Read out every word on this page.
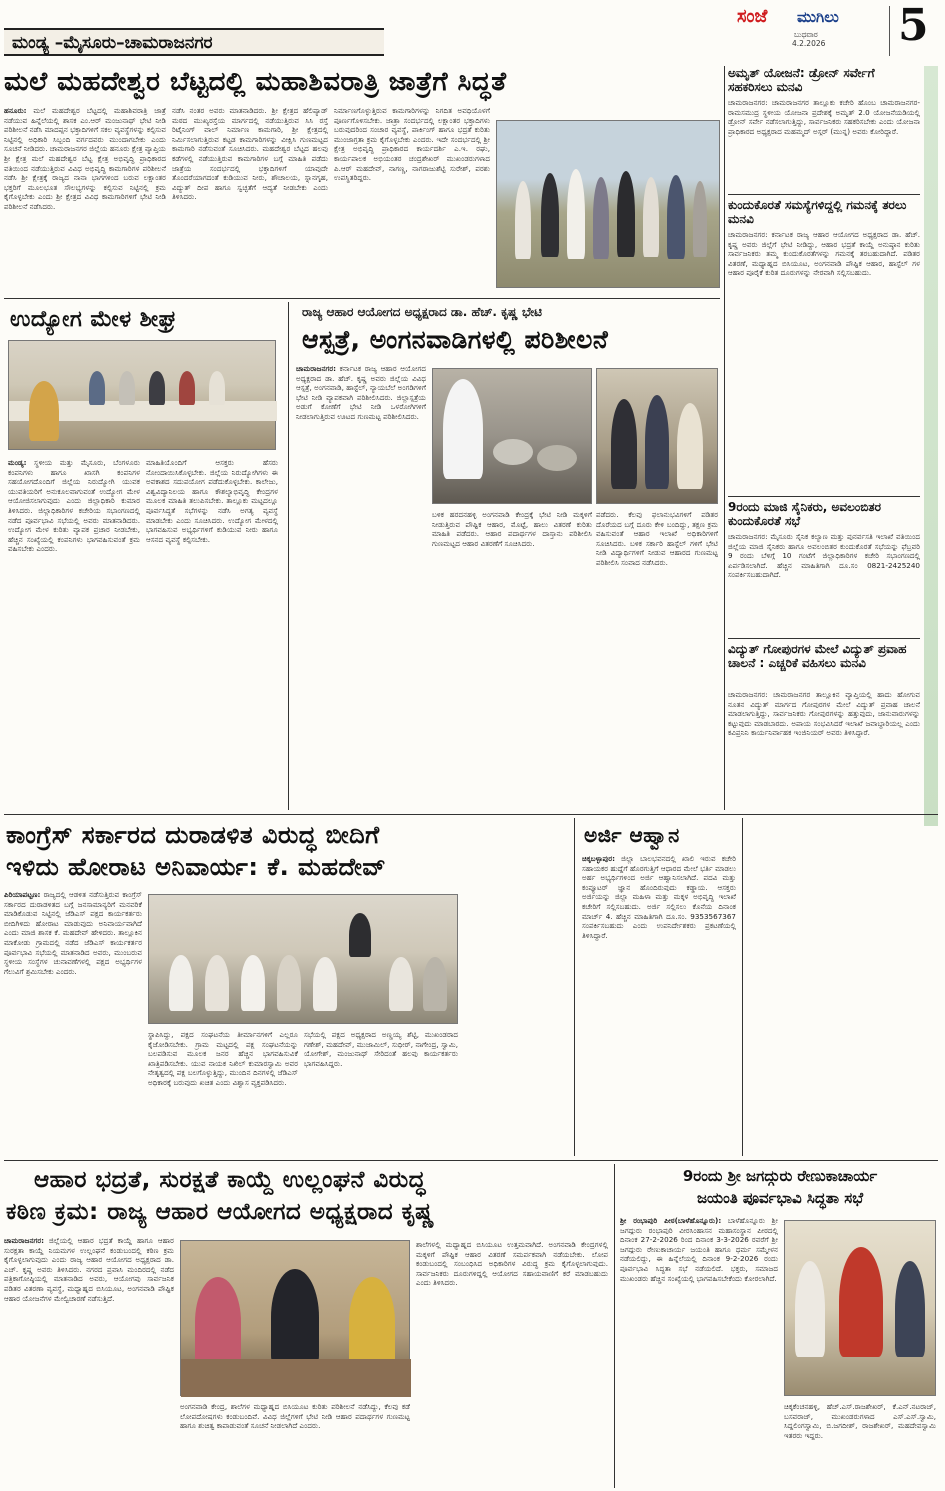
ಮಂಡ್ಯ –ಮೈಸೂರು–ಚಾಮರಾಜನಗರ
ಸಂಜೆ ಮುಗಿಲು
ಬುಧವಾರ
4.2.2026 5
ಮಲೆ ಮಹದೇಶ್ವರ ಬೆಟ್ಟದಲ್ಲಿ ಮಹಾಶಿವರಾತ್ರಿ ಜಾತ್ರೆಗೆ ಸಿದ್ಧತೆ
ಹನೂರು: ಮಲೆ ಮಹದೇಶ್ವರ ಬೆಟ್ಟದಲ್ಲಿ ಮಹಾಶಿವರಾತ್ರಿ ಜಾತ್ರೆ ನಡೆಯುವ ಹಿನ್ನೆಲೆಯಲ್ಲಿ ಶಾಸಕ ಎಂ.ಆರ್ ಮಂಜುನಾಥ್ ಭೇಟಿ ನೀಡಿ ಪರಿಶೀಲನೆ ನಡೆಸಿ ಮಾದಪ್ಪನ ಭಕ್ತಾದಿಗಳಿಗೆ ಸಕಲ ವ್ಯವಸ್ಥೆಗಳನ್ನು ಕಲ್ಪಿಸುವ ನಿಟ್ಟಿನಲ್ಲಿ ಅಧಿಕಾರಿ ಸಿಬ್ಬಂದಿ ವರ್ಗದವರು ಮುಂದಾಗಬೇಕು ಎಂದು ಸೂಚನೆ ನೀಡಿದರು. ಚಾಮರಾಜನಗರ ಜಿಲ್ಲೆಯ ಹನೂರು ಕ್ಷೇತ್ರ ವ್ಯಾಪ್ತಿಯ ಶ್ರೀ ಕ್ಷೇತ್ರ ಮಲೆ ಮಹದೇಶ್ವರ ಬೆಟ್ಟ ಕ್ಷೇತ್ರ ಅಭಿವೃದ್ಧಿ ಪ್ರಾಧಿಕಾರದ ವತಿಯಿಂದ ನಡೆಯುತ್ತಿರುವ ವಿವಿಧ ಅಭಿವೃದ್ಧಿ ಕಾಮಗಾರಿಗಳ ಪರಿಶೀಲನೆ ನಡೆಸಿ ಶ್ರೀ ಕ್ಷೇತ್ರಕ್ಕೆ ರಾಜ್ಯದ ನಾನಾ ಭಾಗಗಳಿಂದ ಬರುವ ಲಕ್ಷಾಂತರ ಭಕ್ತರಿಗೆ ಮೂಲಭೂತ ಸೌಲಭ್ಯಗಳನ್ನು ಕಲ್ಪಿಸುವ ನಿಟ್ಟಿನಲ್ಲಿ ಕ್ರಮ ಕೈಗೊಳ್ಳಬೇಕು ಎಂದು ಶ್ರೀ ಕ್ಷೇತ್ರದ ವಿವಿಧ ಕಾಮಗಾರಿಗಳಿಗೆ ಭೇಟಿ ನೀಡಿ ಪರಿಶೀಲನೆ ನಡೆಸಿದರು.
ನಡೆಸಿ ನಂತರ ಅವರು ಮಾತನಾಡಿದರು. ಶ್ರೀ ಕ್ಷೇತ್ರದ ಹೆಲಿಪ್ಯಾಡ್ ಮಠದ ಮುಖ್ಯರಸ್ತೆಯ ಮಾರ್ಗದಲ್ಲಿ ನಡೆಯುತ್ತಿರುವ ಸಿಸಿ ರಸ್ತೆ ರಿಟೈನಿಂಗ್ ವಾಲ್ ನಿರ್ಮಾಣ ಕಾಮಗಾರಿ, ಶ್ರೀ ಕ್ಷೇತ್ರದಲ್ಲಿ ನಿರ್ಮಿಸಲಾಗುತ್ತಿರುವ ಕಟ್ಟಡ ಕಾಮಗಾರಿಗಳನ್ನು ವೀಕ್ಷಿಸಿ ಗುಣಮಟ್ಟದ ಕಾಮಗಾರಿ ನಡೆಸುವಂತೆ ಸೂಚಿಸಿದರು. ಮಹದೇಶ್ವರ ಬೆಟ್ಟದ ಹಲವು ಕಡೆಗಳಲ್ಲಿ ನಡೆಯುತ್ತಿರುವ ಕಾಮಗಾರಿಗಳ ಬಗ್ಗೆ ಮಾಹಿತಿ ಪಡೆದು ಜಾತ್ರೆಯ ಸಂದರ್ಭದಲ್ಲಿ ಭಕ್ತಾದಿಗಳಿಗೆ ಯಾವುದೇ ತೊಂದರೆಯಾಗದಂತೆ ಕುಡಿಯುವ ನೀರು, ಶೌಚಾಲಯ, ಸ್ನಾನಗೃಹ, ವಿದ್ಯುತ್ ದೀಪ ಹಾಗೂ ಸ್ವಚ್ಛತೆಗೆ ಆದ್ಯತೆ ನೀಡಬೇಕು ಎಂದು ತಿಳಿಸಿದರು.
ನಿರ್ಮಾಣಗೊಳ್ಳುತ್ತಿರುವ ಕಾಮಗಾರಿಗಳನ್ನು ನಿಗದಿತ ಅವಧಿಯೊಳಗೆ ಪೂರ್ಣಗೊಳಿಸಬೇಕು. ಜಾತ್ರಾ ಸಂದರ್ಭದಲ್ಲಿ ಲಕ್ಷಾಂತರ ಭಕ್ತಾದಿಗಳು ಬರುವುದರಿಂದ ಸಂಚಾರ ವ್ಯವಸ್ಥೆ, ಪಾರ್ಕಿಂಗ್ ಹಾಗೂ ಭದ್ರತೆ ಕುರಿತು ಮುಂಜಾಗ್ರತಾ ಕ್ರಮ ಕೈಗೊಳ್ಳಬೇಕು ಎಂದರು. ಇದೇ ಸಂದರ್ಭದಲ್ಲಿ ಶ್ರೀ ಕ್ಷೇತ್ರ ಅಭಿವೃದ್ಧಿ ಪ್ರಾಧಿಕಾರದ ಕಾರ್ಯದರ್ಶಿ ಎ.ಇ. ರಘು, ಕಾರ್ಯಪಾಲಕ ಅಭಿಯಂತರ ಚಂದ್ರಶೇಖರ್ ಮುಖಂಡರುಗಳಾದ ಪಿ.ಆರ್ ಮಹದೇವ್, ನಾಗಣ್ಣ, ನಾಗರಾಜುಶೆಟ್ಟಿ ಸುರೇಶ್, ಪರಶು ಉಪಸ್ಥಿತರಿದ್ದರು.
ಉದ್ಯೋಗ ಮೇಳ ಶೀಘ್ರ
ಮಂಡ್ಯ: ಸ್ಥಳೀಯ ಮತ್ತು ಮೈಸೂರು, ಬೆಂಗಳೂರು ಕಂಪನಿಗಳು ಹಾಗೂ ಖಾಸಗಿ ಕಂಪನಿಗಳ ಸಹಯೋಗದೊಂದಿಗೆ ಜಿಲ್ಲೆಯ ನಿರುದ್ಯೋಗಿ ಯುವಕ ಯುವತಿಯರಿಗೆ ಅನುಕೂಲವಾಗುವಂತೆ ಉದ್ಯೋಗ ಮೇಳ ಆಯೋಜಿಸಲಾಗುವುದು ಎಂದು ಜಿಲ್ಲಾಧಿಕಾರಿ ಕುಮಾರ ತಿಳಿಸಿದರು. ಜಿಲ್ಲಾಧಿಕಾರಿಗಳ ಕಚೇರಿಯ ಸಭಾಂಗಣದಲ್ಲಿ ನಡೆದ ಪೂರ್ವಭಾವಿ ಸಭೆಯಲ್ಲಿ ಅವರು ಮಾತನಾಡಿದರು. ಉದ್ಯೋಗ ಮೇಳ ಕುರಿತು ವ್ಯಾಪಕ ಪ್ರಚಾರ ನೀಡಬೇಕು, ಹೆಚ್ಚಿನ ಸಂಖ್ಯೆಯಲ್ಲಿ ಕಂಪನಿಗಳು ಭಾಗವಹಿಸುವಂತೆ ಕ್ರಮ ವಹಿಸಬೇಕು ಎಂದರು.
ಮಾಹಿತಿಯೊಂದಿಗೆ ಆಸಕ್ತರು ಹೆಸರು ನೋಂದಾಯಿಸಿಕೊಳ್ಳಬೇಕು. ಜಿಲ್ಲೆಯ ನಿರುದ್ಯೋಗಿಗಳು ಈ ಅವಕಾಶದ ಸದುಪಯೋಗ ಪಡೆದುಕೊಳ್ಳಬೇಕು. ಕಾಲೇಜು, ವಿಶ್ವವಿದ್ಯಾನಿಲಯ ಹಾಗೂ ಕೌಶಲ್ಯಾಭಿವೃದ್ಧಿ ಕೇಂದ್ರಗಳ ಮೂಲಕ ಮಾಹಿತಿ ತಲುಪಿಸಬೇಕು. ತಾಲ್ಲೂಕು ಮಟ್ಟದಲ್ಲೂ ಪೂರ್ವಸಿದ್ಧತೆ ಸಭೆಗಳನ್ನು ನಡೆಸಿ ಅಗತ್ಯ ವ್ಯವಸ್ಥೆ ಮಾಡಬೇಕು ಎಂದು ಸೂಚಿಸಿದರು. ಉದ್ಯೋಗ ಮೇಳದಲ್ಲಿ ಭಾಗವಹಿಸುವ ಅಭ್ಯರ್ಥಿಗಳಿಗೆ ಕುಡಿಯುವ ನೀರು ಹಾಗೂ ಆಸನದ ವ್ಯವಸ್ಥೆ ಕಲ್ಪಿಸಬೇಕು.
ರಾಜ್ಯ ಆಹಾರ ಆಯೋಗದ ಅಧ್ಯಕ್ಷರಾದ ಡಾ. ಹೆಚ್. ಕೃಷ್ಣ ಭೇಟಿ
ಆಸ್ಪತ್ರೆ, ಅಂಗನವಾಡಿಗಳಲ್ಲಿ ಪರಿಶೀಲನೆ
ಚಾಮರಾಜನಗರ: ಕರ್ನಾಟಕ ರಾಜ್ಯ ಆಹಾರ ಆಯೋಗದ ಅಧ್ಯಕ್ಷರಾದ ಡಾ. ಹೆಚ್. ಕೃಷ್ಣ ಅವರು ಜಿಲ್ಲೆಯ ವಿವಿಧ ಆಸ್ಪತ್ರೆ, ಅಂಗನವಾಡಿ, ಹಾಸ್ಟೆಲ್, ನ್ಯಾಯಬೆಲೆ ಅಂಗಡಿಗಳಿಗೆ ಭೇಟಿ ನೀಡಿ ವ್ಯಾಪಕವಾಗಿ ಪರಿಶೀಲಿಸಿದರು. ಜಿಲ್ಲಾಸ್ಪತ್ರೆಯ ಅಡುಗೆ ಕೋಣೆಗೆ ಭೇಟಿ ನೀಡಿ ಒಳರೋಗಿಗಳಿಗೆ ನೀಡಲಾಗುತ್ತಿರುವ ಊಟದ ಗುಣಮಟ್ಟ ಪರಿಶೀಲಿಸಿದರು.
ಬಳಿಕ ಹರದನಹಳ್ಳಿ ಅಂಗನವಾಡಿ ಕೇಂದ್ರಕ್ಕೆ ಭೇಟಿ ನೀಡಿ ಮಕ್ಕಳಿಗೆ ನೀಡುತ್ತಿರುವ ಪೌಷ್ಟಿಕ ಆಹಾರ, ಮೊಟ್ಟೆ, ಹಾಲು ವಿತರಣೆ ಕುರಿತು ಮಾಹಿತಿ ಪಡೆದರು. ಆಹಾರ ಪದಾರ್ಥಗಳ ದಾಸ್ತಾನು ಪರಿಶೀಲಿಸಿ ಗುಣಮಟ್ಟದ ಆಹಾರ ವಿತರಣೆಗೆ ಸೂಚಿಸಿದರು.
ಪಡೆದರು. ಕೆಲವು ಫಲಾನುಭವಿಗಳಿಗೆ ಪಡಿತರ ದೊರೆಯದ ಬಗ್ಗೆ ದೂರು ಕೇಳಿ ಬಂದಿದ್ದು, ತಕ್ಷಣ ಕ್ರಮ ವಹಿಸುವಂತೆ ಆಹಾರ ಇಲಾಖೆ ಅಧಿಕಾರಿಗಳಿಗೆ ಸೂಚಿಸಿದರು. ಬಳಿಕ ಸರ್ಕಾರಿ ಹಾಸ್ಟೆಲ್ ಗಳಿಗೆ ಭೇಟಿ ನೀಡಿ ವಿದ್ಯಾರ್ಥಿಗಳಿಗೆ ನೀಡುವ ಆಹಾರದ ಗುಣಮಟ್ಟ ಪರಿಶೀಲಿಸಿ ಸಂವಾದ ನಡೆಸಿದರು.
ಅಮೃತ್ ಯೋಜನೆ: ಡ್ರೋನ್ ಸರ್ವೇಗೆ ಸಹಕರಿಸಲು ಮನವಿ
ಚಾಮರಾಜನಗರ: ಚಾಮರಾಜನಗರ ತಾಲ್ಲೂಕು ಕಚೇರಿ ಹೊಂಬ ಚಾಮರಾಜನಗರ-ರಾಮಸಮುದ್ರ ಸ್ಥಳೀಯ ಯೋಜನಾ ಪ್ರದೇಶಕ್ಕೆ ಅಮೃತ್ 2.0 ಯೋಜನೆಯಡಿಯಲ್ಲಿ ಡ್ರೋನ್ ಸರ್ವೇ ನಡೆಸಲಾಗುತ್ತಿದ್ದು, ಸಾರ್ವಜನಿಕರು ಸಹಕರಿಸಬೇಕು ಎಂದು ಯೋಜನಾ ಪ್ರಾಧಿಕಾರದ ಅಧ್ಯಕ್ಷರಾದ ಮಹಮ್ಮದ್ ಅಸ್ಗರ್ (ಮುನ್ನ) ಅವರು ಕೋರಿದ್ದಾರೆ.
ಕುಂದುಕೊರತೆ ಸಮಸ್ಯೆಗಳಿದ್ದಲ್ಲಿ ಗಮನಕ್ಕೆ ತರಲು ಮನವಿ
ಚಾಮರಾಜನಗರ: ಕರ್ನಾಟಕ ರಾಜ್ಯ ಆಹಾರ ಆಯೋಗದ ಅಧ್ಯಕ್ಷರಾದ ಡಾ. ಹೆಚ್. ಕೃಷ್ಣ ಅವರು ಜಿಲ್ಲೆಗೆ ಭೇಟಿ ನೀಡಿದ್ದು, ಆಹಾರ ಭದ್ರತೆ ಕಾಯ್ದೆ ಅನುಷ್ಠಾನ ಕುರಿತು ಸಾರ್ವಜನಿಕರು ತಮ್ಮ ಕುಂದುಕೊರತೆಗಳನ್ನು ಗಮನಕ್ಕೆ ತರಬಹುದಾಗಿದೆ. ಪಡಿತರ ವಿತರಣೆ, ಮಧ್ಯಾಹ್ನದ ಬಿಸಿಯೂಟ, ಅಂಗನವಾಡಿ ಪೌಷ್ಟಿಕ ಆಹಾರ, ಹಾಸ್ಟೆಲ್ ಗಳ ಆಹಾರ ಪೂರೈಕೆ ಕುರಿತ ದೂರುಗಳನ್ನು ನೇರವಾಗಿ ಸಲ್ಲಿಸಬಹುದು.
9ರಂದು ಮಾಜಿ ಸೈನಿಕರು, ಅವಲಂಬಿತರ ಕುಂದುಕೊರತೆ ಸಭೆ
ಚಾಮರಾಜನಗರ: ಮೈಸೂರು ಸೈನಿಕ ಕಲ್ಯಾಣ ಮತ್ತು ಪುನರ್ವಸತಿ ಇಲಾಖೆ ವತಿಯಿಂದ ಜಿಲ್ಲೆಯ ಮಾಜಿ ಸೈನಿಕರು ಹಾಗೂ ಅವಲಂಬಿತರ ಕುಂದುಕೊರತೆ ಸಭೆಯನ್ನು ಫೆಬ್ರವರಿ 9 ರಂದು ಬೆಳಿಗ್ಗೆ 10 ಗಂಟೆಗೆ ಜಿಲ್ಲಾಧಿಕಾರಿಗಳ ಕಚೇರಿ ಸಭಾಂಗಣದಲ್ಲಿ ಏರ್ಪಡಿಸಲಾಗಿದೆ. ಹೆಚ್ಚಿನ ಮಾಹಿತಿಗಾಗಿ ದೂ.ಸಂ 0821-2425240 ಸಂಪರ್ಕಿಸಬಹುದಾಗಿದೆ.
ವಿದ್ಯುತ್ ಗೋಪುರಗಳ ಮೇಲೆ ವಿದ್ಯುತ್ ಪ್ರವಾಹ ಚಾಲನೆ : ಎಚ್ಚರಿಕೆ ವಹಿಸಲು ಮನವಿ
ಚಾಮರಾಜನಗರ: ಚಾಮರಾಜನಗರ ತಾಲ್ಲೂಕಿನ ವ್ಯಾಪ್ತಿಯಲ್ಲಿ ಹಾದು ಹೋಗುವ ನೂತನ ವಿದ್ಯುತ್ ಮಾರ್ಗದ ಗೋಪುರಗಳ ಮೇಲೆ ವಿದ್ಯುತ್ ಪ್ರವಾಹ ಚಾಲನೆ ಮಾಡಲಾಗುತ್ತಿದ್ದು, ಸಾರ್ವಜನಿಕರು ಗೋಪುರಗಳನ್ನು ಹತ್ತುವುದು, ಜಾನುವಾರುಗಳನ್ನು ಕಟ್ಟುವುದು ಮಾಡಬಾರದು. ಅಪಾಯ ಸಂಭವಿಸಿದರೆ ಇಲಾಖೆ ಜವಾಬ್ದಾರಿಯಲ್ಲ ಎಂದು ಕವಿಪ್ರನಿನಿ ಕಾರ್ಯನಿರ್ವಾಹಕ ಇಂಜಿನಿಯರ್ ಅವರು ತಿಳಿಸಿದ್ದಾರೆ.
ಕಾಂಗ್ರೆಸ್ ಸರ್ಕಾರದ ದುರಾಡಳಿತ ವಿರುದ್ಧ ಬೀದಿಗೆ
ಇಳಿದು ಹೋರಾಟ ಅನಿವಾರ್ಯ: ಕೆ. ಮಹದೇವ್
ಪಿರಿಯಾಪಟ್ಟಣ: ರಾಜ್ಯದಲ್ಲಿ ಆಡಳಿತ ನಡೆಸುತ್ತಿರುವ ಕಾಂಗ್ರೆಸ್ ಸರ್ಕಾರದ ದುರಾಡಳಿತದ ಬಗ್ಗೆ ಜನಸಾಮಾನ್ಯರಿಗೆ ಮನವರಿಕೆ ಮಾಡಿಕೊಡುವ ನಿಟ್ಟಿನಲ್ಲಿ ಜೆಡಿಎಸ್ ಪಕ್ಷದ ಕಾರ್ಯಕರ್ತರು ಬೀದಿಗಿಳಿದು ಹೋರಾಟ ಮಾಡುವುದು ಅನಿವಾರ್ಯವಾಗಿದೆ ಎಂದು ಮಾಜಿ ಶಾಸಕ ಕೆ. ಮಹದೇವ್ ಹೇಳಿದರು. ತಾಲ್ಲೂಕಿನ ಮಾಕೋಡು ಗ್ರಾಮದಲ್ಲಿ ನಡೆದ ಜೆಡಿಎಸ್ ಕಾರ್ಯಕರ್ತರ ಪೂರ್ವಭಾವಿ ಸಭೆಯಲ್ಲಿ ಮಾತನಾಡಿದ ಅವರು, ಮುಂಬರುವ ಸ್ಥಳೀಯ ಸಂಸ್ಥೆಗಳ ಚುನಾವಣೆಗಳಲ್ಲಿ ಪಕ್ಷದ ಅಭ್ಯರ್ಥಿಗಳ ಗೆಲುವಿಗೆ ಶ್ರಮಿಸಬೇಕು ಎಂದರು.
ಸ್ಥಾಪಿಸಿದ್ದು, ಪಕ್ಷದ ಸಂಘಟನೆಯ ತೀರ್ಮಾನಗಳಿಗೆ ಎಲ್ಲರೂ ಕೈಜೋಡಿಸಬೇಕು. ಗ್ರಾಮ ಮಟ್ಟದಲ್ಲಿ ಪಕ್ಷ ಸಂಘಟನೆಯನ್ನು ಬಲಪಡಿಸುವ ಮೂಲಕ ಜನರ ಹೆಚ್ಚಿನ ಭಾಗವಹಿಸುವಿಕೆ ಖಾತ್ರಿಪಡಿಸಬೇಕು. ಯುವ ನಾಯಕ ನಿಖಿಲ್ ಕುಮಾರಸ್ವಾಮಿ ಅವರ ನೇತೃತ್ವದಲ್ಲಿ ಪಕ್ಷ ಬಲಗೊಳ್ಳುತ್ತಿದ್ದು, ಮುಂದಿನ ದಿನಗಳಲ್ಲಿ ಜೆಡಿಎಸ್ ಅಧಿಕಾರಕ್ಕೆ ಬರುವುದು ಖಚಿತ ಎಂದು ವಿಶ್ವಾಸ ವ್ಯಕ್ತಪಡಿಸಿದರು.
ಸಭೆಯಲ್ಲಿ ಪಕ್ಷದ ಅಧ್ಯಕ್ಷರಾದ ಅಣ್ಣಯ್ಯ ಶೆಟ್ಟಿ, ಮುಖಂಡರಾದ ಗಣೇಶ್, ಮಹದೇವ್, ಮುಜಾಮಿಲ್, ಸುಧೀರ್, ನಾಗೇಂದ್ರ, ಸ್ವಾಮಿ, ಯೋಗೇಶ್, ಮಂಜುನಾಥ್ ಸೇರಿದಂತೆ ಹಲವು ಕಾರ್ಯಕರ್ತರು ಭಾಗವಹಿಸಿದ್ದರು.
ಅರ್ಜಿ ಆಹ್ವಾನ
ಚಿಕ್ಕಬಳ್ಳಾಪುರ: ಜಿಲ್ಲಾ ಬಾಲಭವನದಲ್ಲಿ ಖಾಲಿ ಇರುವ ಕಚೇರಿ ಸಹಾಯಕರ ಹುದ್ದೆಗೆ ಹೊರಗುತ್ತಿಗೆ ಆಧಾರದ ಮೇಲೆ ಭರ್ತಿ ಮಾಡಲು ಅರ್ಹ ಅಭ್ಯರ್ಥಿಗಳಿಂದ ಅರ್ಜಿ ಆಹ್ವಾನಿಸಲಾಗಿದೆ. ಪದವಿ ಮತ್ತು ಕಂಪ್ಯೂಟರ್ ಜ್ಞಾನ ಹೊಂದಿರುವುದು ಕಡ್ಡಾಯ. ಆಸಕ್ತರು ಅರ್ಜಿಯನ್ನು ಜಿಲ್ಲಾ ಮಹಿಳಾ ಮತ್ತು ಮಕ್ಕಳ ಅಭಿವೃದ್ಧಿ ಇಲಾಖೆ ಕಚೇರಿಗೆ ಸಲ್ಲಿಸಬಹುದು. ಅರ್ಜಿ ಸಲ್ಲಿಸಲು ಕೊನೆಯ ದಿನಾಂಕ ಮಾರ್ಚ್ 4. ಹೆಚ್ಚಿನ ಮಾಹಿತಿಗಾಗಿ ದೂ.ಸಂ. 9353567367 ಸಂಪರ್ಕಿಸಬಹುದು ಎಂದು ಉಪನಿರ್ದೇಶಕರು ಪ್ರಕಟಣೆಯಲ್ಲಿ ತಿಳಿಸಿದ್ದಾರೆ.
ಆಹಾರ ಭದ್ರತೆ, ಸುರಕ್ಷತೆ ಕಾಯ್ದೆ ಉಲ್ಲಂಘನೆ ವಿರುದ್ಧ
ಕಠಿಣ ಕ್ರಮ: ರಾಜ್ಯ ಆಹಾರ ಆಯೋಗದ ಅಧ್ಯಕ್ಷರಾದ ಕೃಷ್ಣ
ಚಾಮರಾಜನಗರ: ಜಿಲ್ಲೆಯಲ್ಲಿ ಆಹಾರ ಭದ್ರತೆ ಕಾಯ್ದೆ ಹಾಗೂ ಆಹಾರ ಸುರಕ್ಷತಾ ಕಾಯ್ದೆ ನಿಯಮಗಳ ಉಲ್ಲಂಘನೆ ಕಂಡುಬಂದಲ್ಲಿ ಕಠಿಣ ಕ್ರಮ ಕೈಗೊಳ್ಳಲಾಗುವುದು ಎಂದು ರಾಜ್ಯ ಆಹಾರ ಆಯೋಗದ ಅಧ್ಯಕ್ಷರಾದ ಡಾ. ಎಚ್. ಕೃಷ್ಣ ಅವರು ತಿಳಿಸಿದರು. ನಗರದ ಪ್ರವಾಸಿ ಮಂದಿರದಲ್ಲಿ ನಡೆದ ಪತ್ರಿಕಾಗೋಷ್ಠಿಯಲ್ಲಿ ಮಾತನಾಡಿದ ಅವರು, ಆಯೋಗವು ಸಾರ್ವಜನಿಕ ಪಡಿತರ ವಿತರಣಾ ವ್ಯವಸ್ಥೆ, ಮಧ್ಯಾಹ್ನದ ಬಿಸಿಯೂಟ, ಅಂಗನವಾಡಿ ಪೌಷ್ಟಿಕ ಆಹಾರ ಯೋಜನೆಗಳ ಮೇಲ್ವಿಚಾರಣೆ ನಡೆಸುತ್ತಿದೆ.
ಅಂಗನವಾಡಿ ಕೇಂದ್ರ, ಶಾಲೆಗಳ ಮಧ್ಯಾಹ್ನದ ಬಿಸಿಯೂಟ ಕುರಿತು ಪರಿಶೀಲನೆ ನಡೆಸಿದ್ದು, ಕೆಲವು ಕಡೆ ಲೋಪದೋಷಗಳು ಕಂಡುಬಂದಿವೆ. ವಿವಿಧ ಜಿಲ್ಲೆಗಳಿಗೆ ಭೇಟಿ ನೀಡಿ ಆಹಾರ ಪದಾರ್ಥಗಳ ಗುಣಮಟ್ಟ ಹಾಗೂ ಶುಚಿತ್ವ ಕಾಪಾಡುವಂತೆ ಸೂಚನೆ ನೀಡಲಾಗಿದೆ ಎಂದರು.
ಶಾಲೆಗಳಲ್ಲಿ ಮಧ್ಯಾಹ್ನದ ಬಿಸಿಯೂಟ ಉತ್ತಮವಾಗಿದೆ. ಅಂಗನವಾಡಿ ಕೇಂದ್ರಗಳಲ್ಲಿ ಮಕ್ಕಳಿಗೆ ಪೌಷ್ಟಿಕ ಆಹಾರ ವಿತರಣೆ ಸಮರ್ಪಕವಾಗಿ ನಡೆಯಬೇಕು. ಲೋಪ ಕಂಡುಬಂದಲ್ಲಿ ಸಂಬಂಧಿಸಿದ ಅಧಿಕಾರಿಗಳ ವಿರುದ್ಧ ಕ್ರಮ ಕೈಗೊಳ್ಳಲಾಗುವುದು. ಸಾರ್ವಜನಿಕರು ದೂರುಗಳಿದ್ದಲ್ಲಿ ಆಯೋಗದ ಸಹಾಯವಾಣಿಗೆ ಕರೆ ಮಾಡಬಹುದು ಎಂದು ತಿಳಿಸಿದರು.
9ರಂದು ಶ್ರೀ ಜಗದ್ಗುರು ರೇಣುಕಾಚಾರ್ಯ
ಜಯಂತಿ ಪೂರ್ವಭಾವಿ ಸಿದ್ಧತಾ ಸಭೆ
ಶ್ರೀ ರಂಭಾಪುರಿ ಪೀಠ(ಬಾಳೆಹೊನ್ನೂರು): ಬಾಳೆಹೊನ್ನೂರು ಶ್ರೀ ಜಗದ್ಗುರು ರಂಭಾಪುರಿ ವೀರಸಿಂಹಾಸನ ಮಹಾಸಂಸ್ಥಾನ ಪೀಠದಲ್ಲಿ ದಿನಾಂಕ 27-2-2026 ರಿಂದ ದಿನಾಂಕ 3-3-2026 ರವರೆಗೆ ಶ್ರೀ ಜಗದ್ಗುರು ರೇಣುಕಾಚಾರ್ಯ ಜಯಂತಿ ಹಾಗೂ ಧರ್ಮ ಸಮ್ಮೇಳನ ನಡೆಯಲಿದ್ದು, ಈ ಹಿನ್ನೆಲೆಯಲ್ಲಿ ದಿನಾಂಕ 9-2-2026 ರಂದು ಪೂರ್ವಭಾವಿ ಸಿದ್ಧತಾ ಸಭೆ ನಡೆಯಲಿದೆ. ಭಕ್ತರು, ಸಮಾಜದ ಮುಖಂಡರು ಹೆಚ್ಚಿನ ಸಂಖ್ಯೆಯಲ್ಲಿ ಭಾಗವಹಿಸಬೇಕೆಂದು ಕೋರಲಾಗಿದೆ.
ಚಿಕ್ಕಕೆಂಚನಹಳ್ಳಿ, ಹೆಚ್.ಎಸ್.ರಾಜಶೇಖರ್, ಕೆ.ಎನ್.ನಟರಾಜ್, ಬಸವರಾಜ್, ಮುಖಂಡರುಗಳಾದ ಎಸ್.ಎಸ್.ಸ್ವಾಮಿ, ಸಿದ್ದಲಿಂಗಸ್ವಾಮಿ, ಬಿ.ಜಗದೀಶ್, ರಾಜಶೇಖರ್, ಮಹದೇವಸ್ವಾಮಿ ಇತರರು ಇದ್ದರು.
